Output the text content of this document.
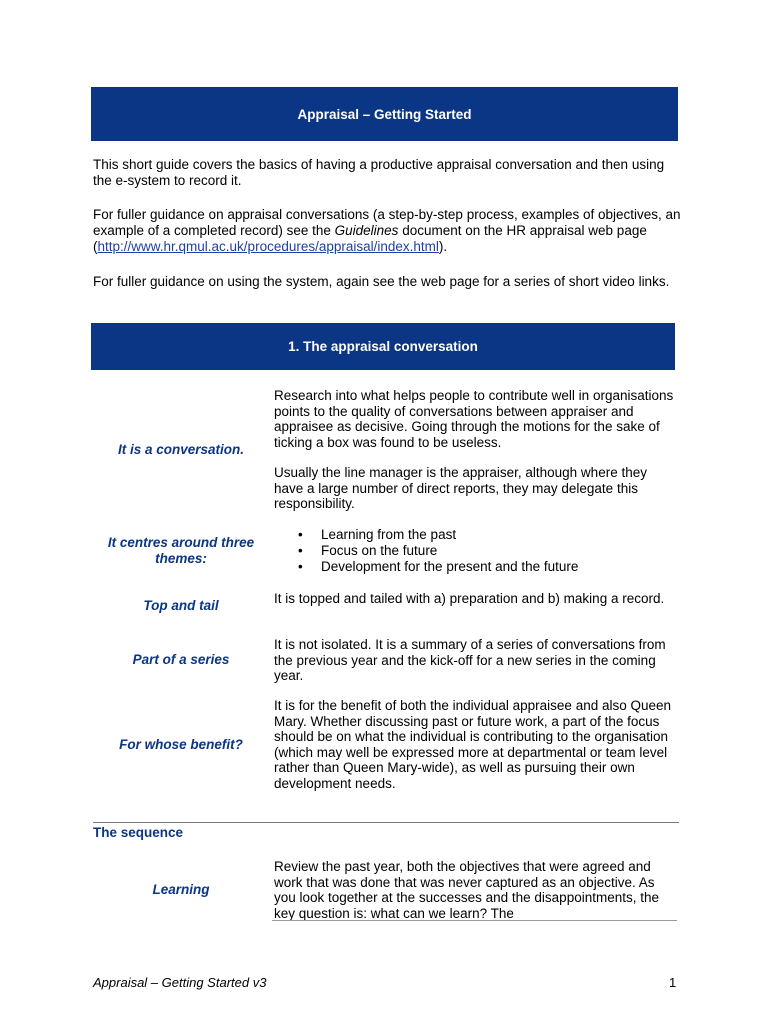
Appraisal – Getting Started

This short guide covers the basics of having a productive appraisal conversation and then using the e-system to record it.

For fuller guidance on appraisal conversations (a step-by-step process, examples of objectives, an example of a completed record) see the Guidelines document on the HR appraisal web page (http://www.hr.qmul.ac.uk/procedures/appraisal/index.html).

For fuller guidance on using the system, again see the web page for a series of short video links.

1. The appraisal conversation

It is a conversation.

Research into what helps people to contribute well in organisations points to the quality of conversations between appraiser and appraisee as decisive. Going through the motions for the sake of ticking a box was found to be useless.

Usually the line manager is the appraiser, although where they have a large number of direct reports, they may delegate this responsibility.

It centres around three themes:

• Learning from the past
• Focus on the future
• Development for the present and the future

Top and tail	It is topped and tailed with a) preparation and b) making a record.

Part of a series

It is not isolated. It is a summary of a series of conversations from the previous year and the kick-off for a new series in the coming year.

For whose benefit?

It is for the benefit of both the individual appraisee and also Queen Mary. Whether discussing past or future work, a part of the focus should be on what the individual is contributing to the organisation (which may well be expressed more at departmental or team level rather than Queen Mary-wide), as well as pursuing their own development needs.

The sequence

Learning

Review the past year, both the objectives that were agreed and work that was done that was never captured as an objective. As you look together at the successes and the disappointments, the key question is: what can we learn? The

Appraisal – Getting Started v3	1
